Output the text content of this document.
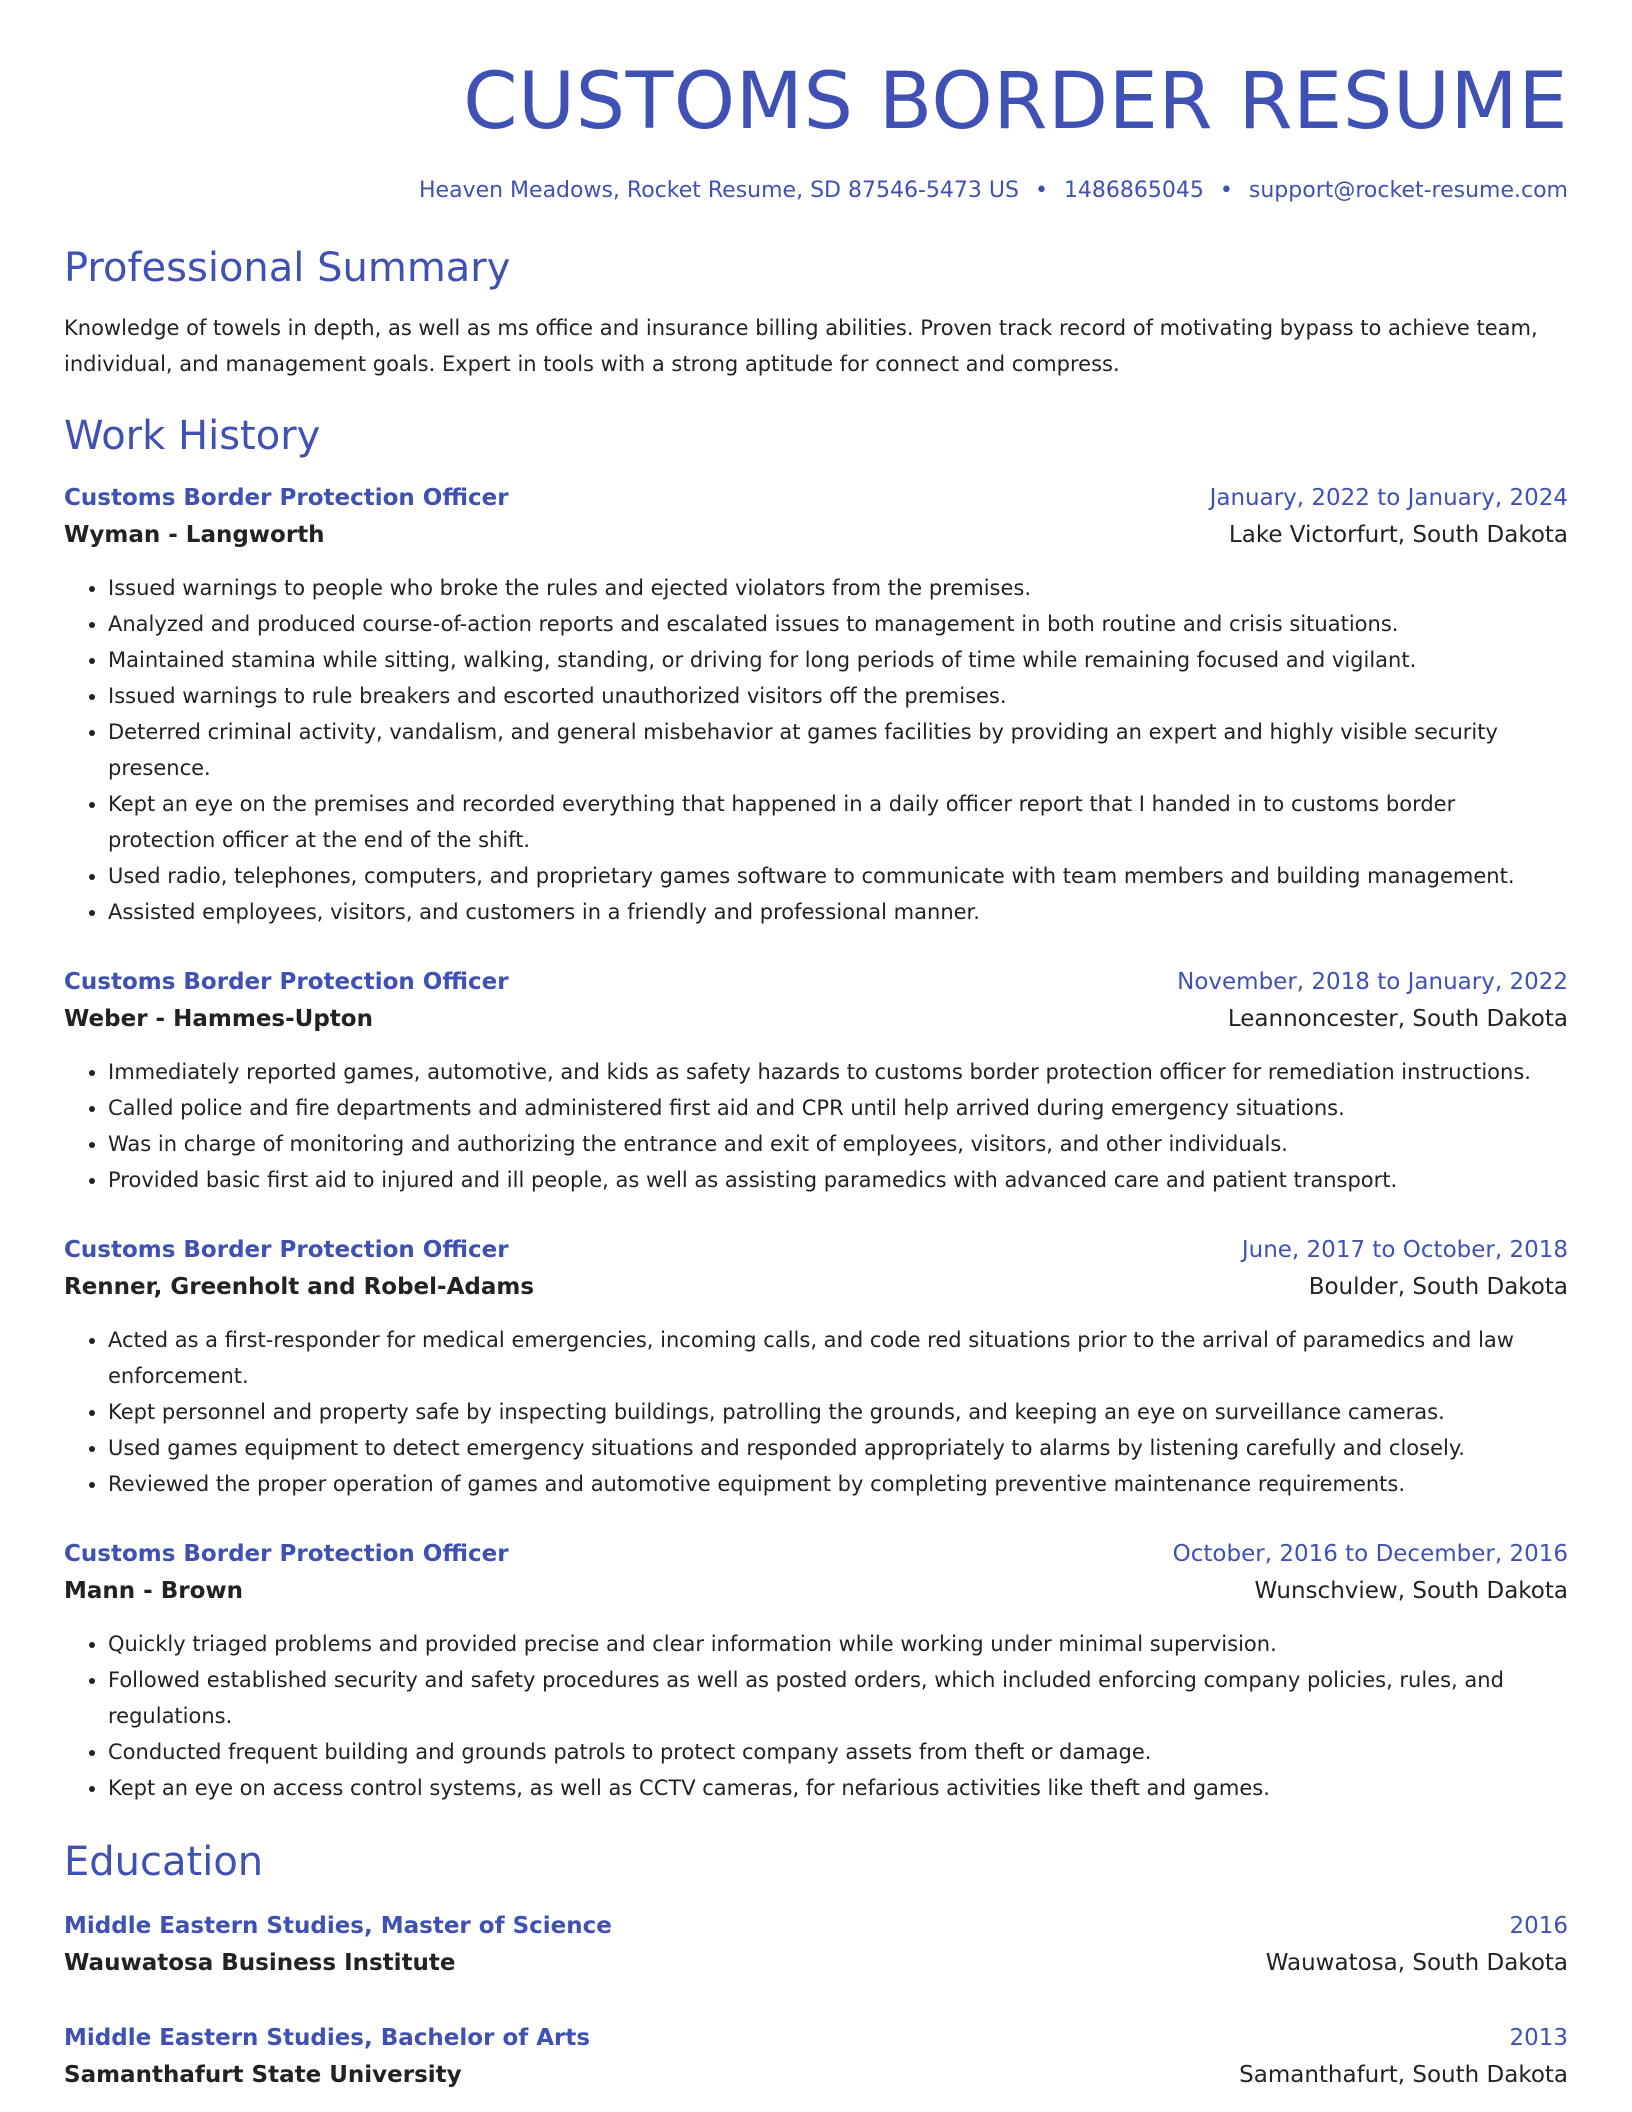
CUSTOMS BORDER RESUME
Heaven Meadows, Rocket Resume, SD 87546-5473 US • 1486865045 • support@rocket-resume.com
Professional Summary

Knowledge of towels in depth, as well as ms office and insurance billing abilities. Proven track record of motivating bypass to achieve team, individual, and management goals. Expert in tools with a strong aptitude for connect and compress.

Work History
Customs Border Protection Officer	January, 2022 to January, 2024
Wyman - Langworth	Lake Victorfurt, South Dakota
• Issued warnings to people who broke the rules and ejected violators from the premises.
• Analyzed and produced course-of-action reports and escalated issues to management in both routine and crisis situations.
• Maintained stamina while sitting, walking, standing, or driving for long periods of time while remaining focused and vigilant.
• Issued warnings to rule breakers and escorted unauthorized visitors off the premises.
• Deterred criminal activity, vandalism, and general misbehavior at games facilities by providing an expert and highly visible security presence.
• Kept an eye on the premises and recorded everything that happened in a daily officer report that I handed in to customs border protection officer at the end of the shift.
• Used radio, telephones, computers, and proprietary games software to communicate with team members and building management.
• Assisted employees, visitors, and customers in a friendly and professional manner.
Customs Border Protection Officer	November, 2018 to January, 2022
Weber - Hammes-Upton	Leannoncester, South Dakota
• Immediately reported games, automotive, and kids as safety hazards to customs border protection officer for remediation instructions.
• Called police and fire departments and administered first aid and CPR until help arrived during emergency situations.
• Was in charge of monitoring and authorizing the entrance and exit of employees, visitors, and other individuals.
• Provided basic first aid to injured and ill people, as well as assisting paramedics with advanced care and patient transport.
Customs Border Protection Officer	June, 2017 to October, 2018
Renner, Greenholt and Robel-Adams	Boulder, South Dakota
• Acted as a first-responder for medical emergencies, incoming calls, and code red situations prior to the arrival of paramedics and law enforcement.
• Kept personnel and property safe by inspecting buildings, patrolling the grounds, and keeping an eye on surveillance cameras.
• Used games equipment to detect emergency situations and responded appropriately to alarms by listening carefully and closely.
• Reviewed the proper operation of games and automotive equipment by completing preventive maintenance requirements.
Customs Border Protection Officer	October, 2016 to December, 2016
Mann - Brown	Wunschview, South Dakota
• Quickly triaged problems and provided precise and clear information while working under minimal supervision.
• Followed established security and safety procedures as well as posted orders, which included enforcing company policies, rules, and regulations.
• Conducted frequent building and grounds patrols to protect company assets from theft or damage.
• Kept an eye on access control systems, as well as CCTV cameras, for nefarious activities like theft and games.
Education
Middle Eastern Studies, Master of Science	2016
Wauwatosa Business Institute	Wauwatosa, South Dakota
Middle Eastern Studies, Bachelor of Arts	2013
Samanthafurt State University	Samanthafurt, South Dakota
